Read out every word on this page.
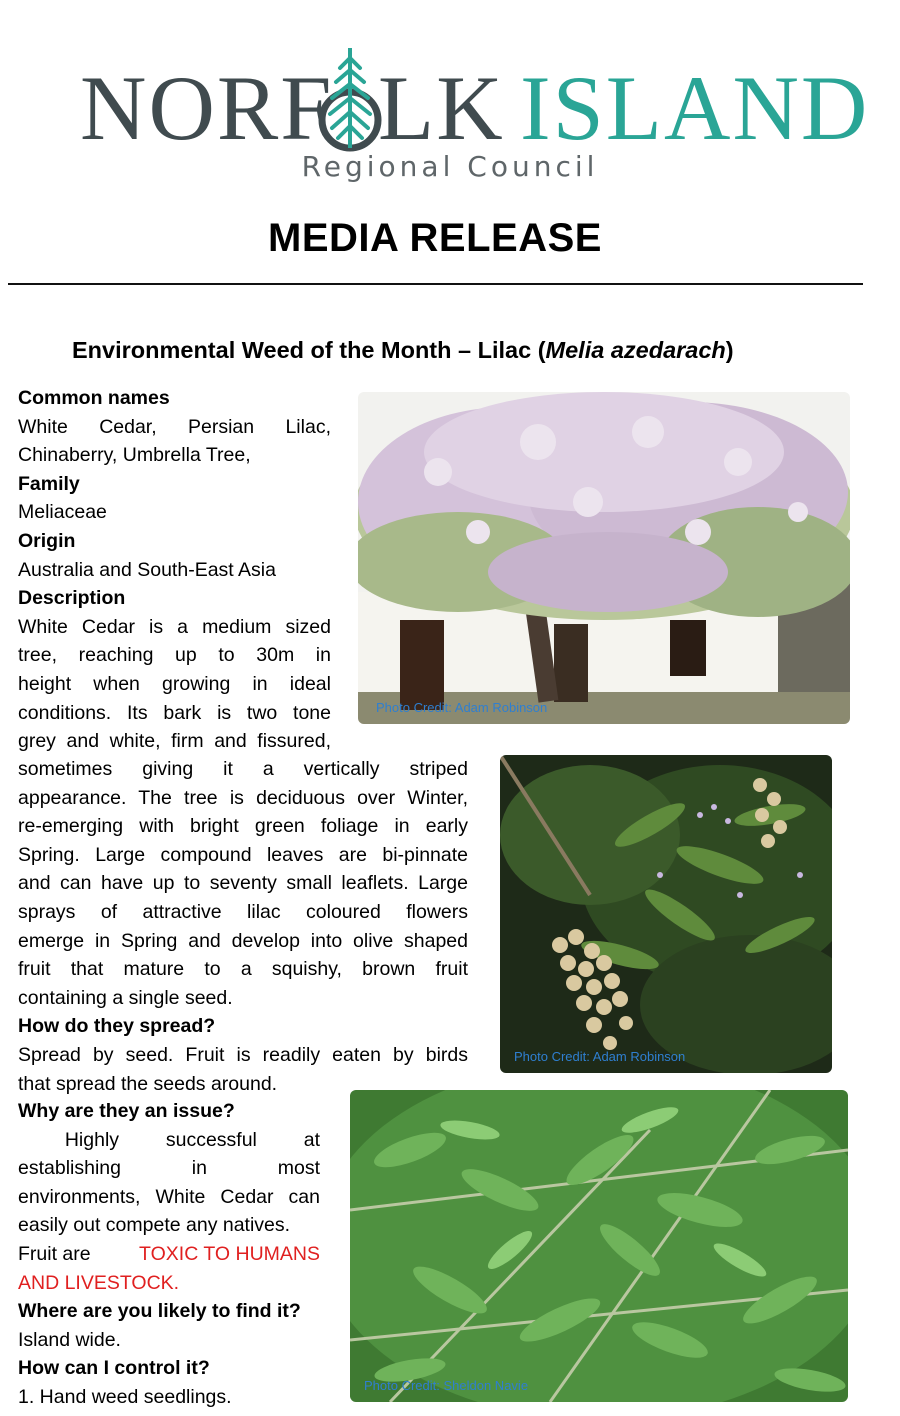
NORF LK ISLAND
Regional Council
MEDIA RELEASE
Environmental Weed of the Month – Lilac (Melia azedarach)
Common names
White Cedar, Persian Lilac,
Chinaberry, Umbrella Tree,
Family
Meliaceae
Origin
Australia and South-East Asia
Description
White Cedar is a medium sized
tree, reaching up to 30m in
height when growing in ideal
conditions. Its bark is two tone
grey and white, firm and fissured,
sometimes giving it a vertically striped
appearance. The tree is deciduous over Winter,
re-emerging with bright green foliage in early
Spring. Large compound leaves are bi-pinnate
and can have up to seventy small leaflets. Large
sprays of attractive lilac coloured flowers
emerge in Spring and develop into olive shaped
fruit that mature to a squishy, brown fruit
containing a single seed.
How do they spread?
Spread by seed. Fruit is readily eaten by birds
that spread the seeds around.
Why are they an issue?
Highly successful at
establishing in most
environments, White Cedar can
easily out compete any natives.
Fruit are TOXIC TO HUMANS
AND LIVESTOCK.
Where are you likely to find it?
Island wide.
How can I control it?
1. Hand weed seedlings.
Photo Credit: Adam Robinson
Photo Credit: Adam Robinson
Photo Credit: Sheldon Navie
